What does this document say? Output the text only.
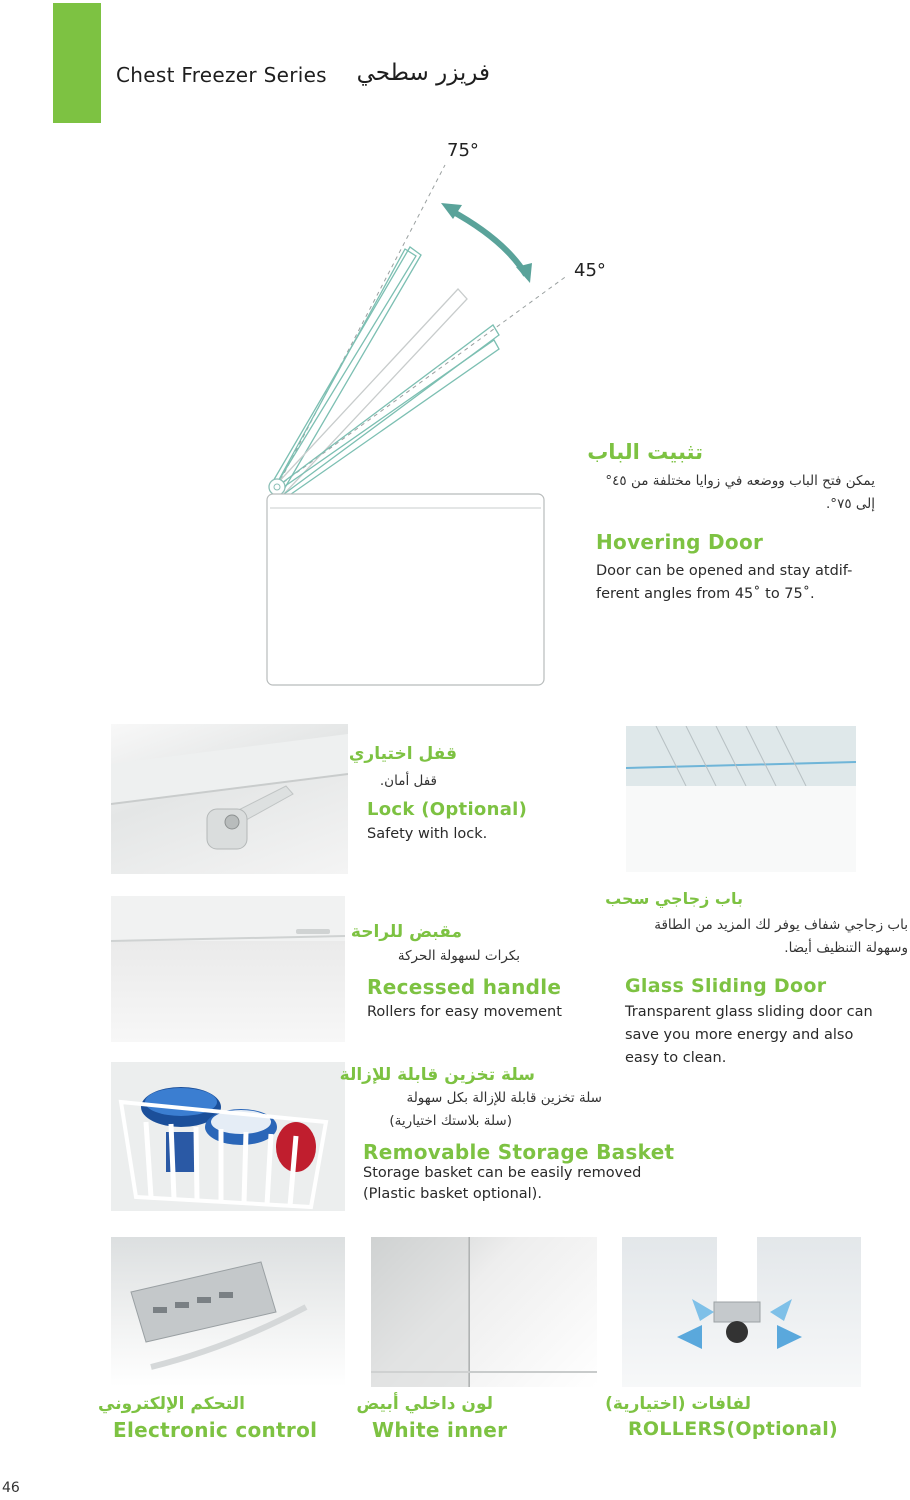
Chest Freezer Series فريزر سطحي
75°
45°
تثبيت الباب
يمكن فتح الباب ووضعه في زوايا مختلفة من ٤٥° إلى ٧٥°.
Hovering Door
Door can be opened and stay atdif-ferent angles from 45˚ to 75˚.
قفل اختياري
قفل أمان.
Lock (Optional)
Safety with lock.
باب زجاجي سحب
باب زجاجي شفاف يوفر لك المزيد من الطاقة وسهولة التنظيف أيضا.
Glass Sliding Door
Transparent glass sliding door can save you more energy and also easy to clean.
مقبض للراحة
بكرات لسهولة الحركة
Recessed handle
Rollers for easy movement
سلة تخزين قابلة للإزالة
سلة تخزين قابلة للإزالة بكل سهولة
(سلة بلاستك اختيارية)
Removable Storage Basket
Storage basket can be easily removed
(Plastic basket optional).
التحكم الإلكتروني
Electronic control
لون داخلي أبيض
White inner
لفافات (اختيارية)
ROLLERS(Optional)
46
